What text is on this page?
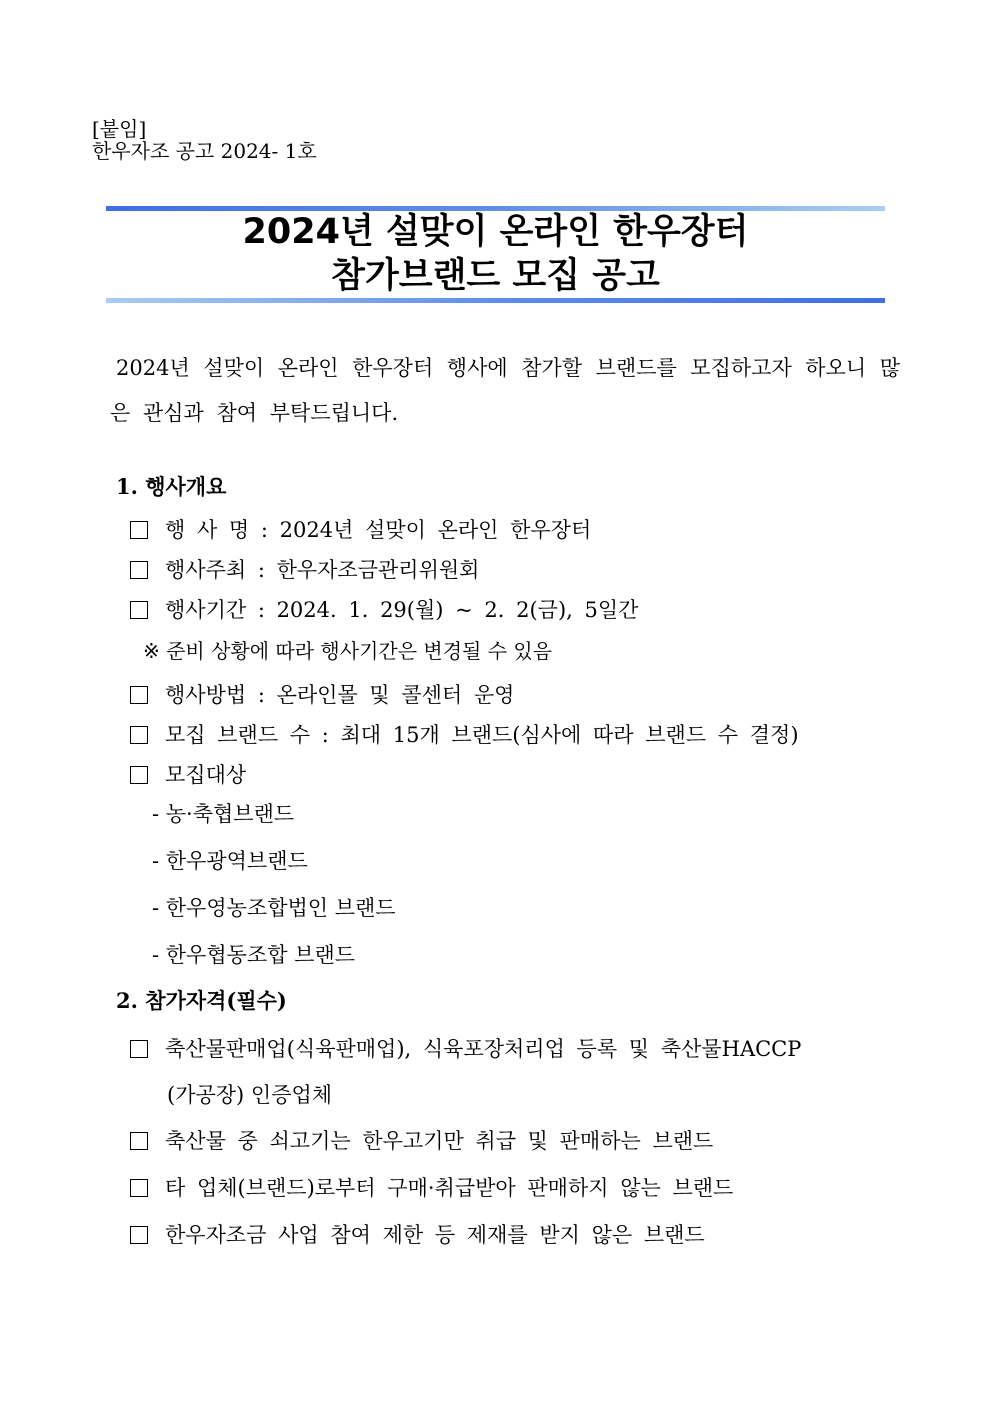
[붙임]
한우자조 공고 2024- 1호
2024년 설맞이 온라인 한우장터
참가브랜드 모집 공고
2024년 설맞이 온라인 한우장터 행사에 참가할 브랜드를 모집하고자 하오니 많은 관심과 참여 부탁드립니다.
1. 행사개요
행 사 명 : 2024년 설맞이 온라인 한우장터
행사주최 : 한우자조금관리위원회
행사기간 : 2024. 1. 29(월) ~ 2. 2(금), 5일간
※ 준비 상황에 따라 행사기간은 변경될 수 있음
행사방법 : 온라인몰 및 콜센터 운영
모집 브랜드 수 : 최대 15개 브랜드(심사에 따라 브랜드 수 결정)
모집대상
- 농·축협브랜드
- 한우광역브랜드
- 한우영농조합법인 브랜드
- 한우협동조합 브랜드
2. 참가자격(필수)
축산물판매업(식육판매업), 식육포장처리업 등록 및 축산물HACCP
(가공장) 인증업체
축산물 중 쇠고기는 한우고기만 취급 및 판매하는 브랜드
타 업체(브랜드)로부터 구매·취급받아 판매하지 않는 브랜드
한우자조금 사업 참여 제한 등 제재를 받지 않은 브랜드
